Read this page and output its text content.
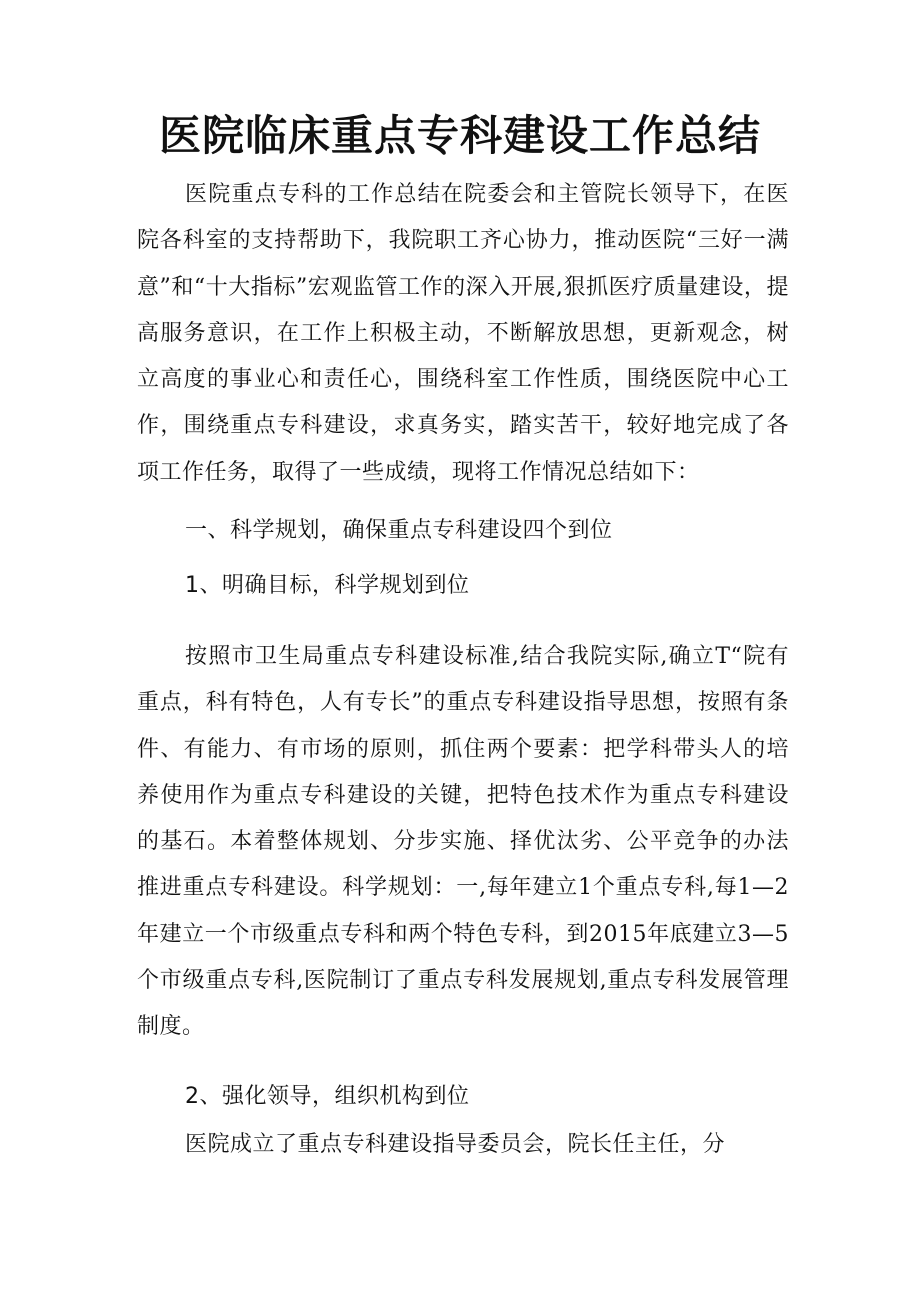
医院临床重点专科建设工作总结

医院重点专科的工作总结在院委会和主管院长领导下，在医院各科室的支持帮助下，我院职工齐心协力，推动医院“三好一满意”和“十大指标”宏观监管工作的深入开展,狠抓医疗质量建设，提高服务意识，在工作上积极主动，不断解放思想，更新观念，树立高度的事业心和责任心，围绕科室工作性质，围绕医院中心工作，围绕重点专科建设，求真务实，踏实苦干，较好地完成了各项工作任务，取得了一些成绩，现将工作情况总结如下：

一、科学规划，确保重点专科建设四个到位

1、明确目标，科学规划到位

按照市卫生局重点专科建设标准,结合我院实际,确立T“院有重点，科有特色，人有专长”的重点专科建设指导思想，按照有条件、有能力、有市场的原则，抓住两个要素：把学科带头人的培养使用作为重点专科建设的关键，把特色技术作为重点专科建设的基石。本着整体规划、分步实施、择优汰劣、公平竞争的办法推进重点专科建设。科学规划：一,每年建立1个重点专科,每1—2年建立一个市级重点专科和两个特色专科，到2015年底建立3—5个市级重点专科,医院制订了重点专科发展规划,重点专科发展管理制度。

2、强化领导，组织机构到位

医院成立了重点专科建设指导委员会，院长任主任，分
